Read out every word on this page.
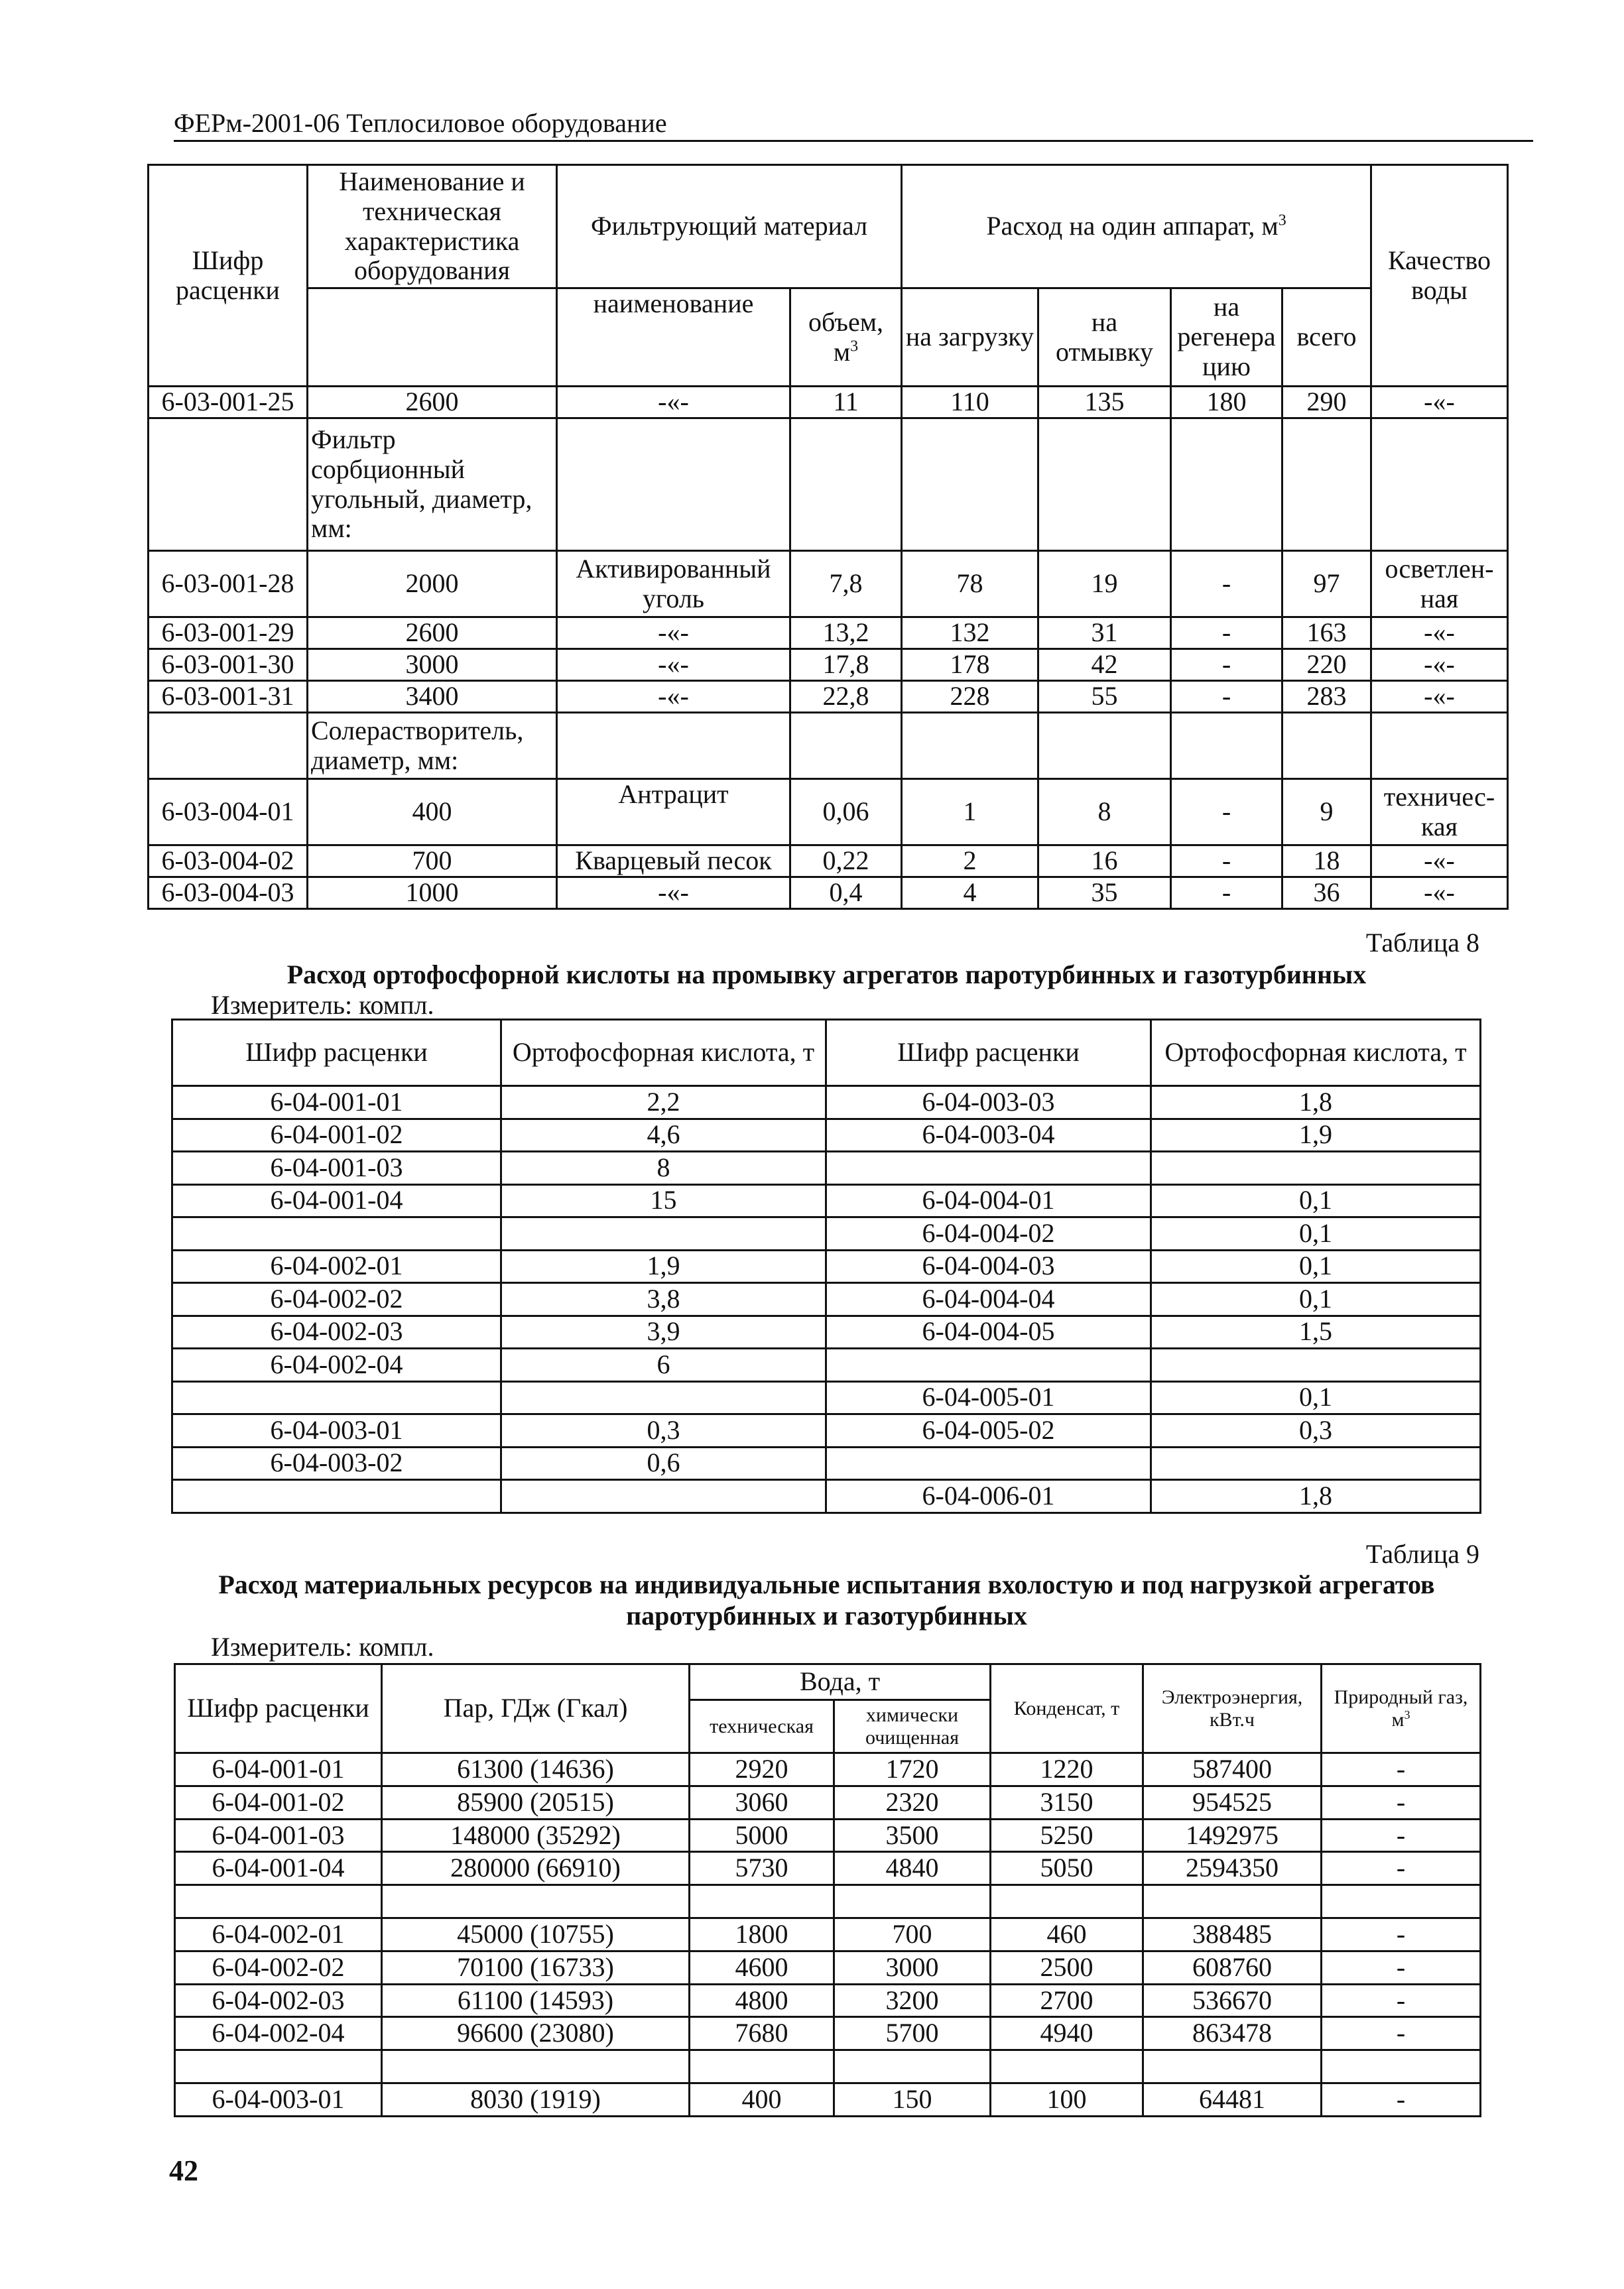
ФЕРм-2001-06 Теплосиловое оборудование
Шифр расценки	Наименование и техническая характеристика оборудования	Фильтрующий материал		Расход на один аппарат, $м^3$				Качество воды
		наименование	объем, $м^3$	на загрузку	на отмывку	на регенера цию	всего	
6-03-001-25	2600	-«-	11	110	135	180	290	-«-
	Фильтр сорбционный угольный, диаметр, мм:							
6-03-001-28	2000	Активированный уголь	7,8	78	19	-	97	осветлен-ная
6-03-001-29	2600	-«-	13,2	132	31	-	163	-«-
6-03-001-30	3000	-«-	17,8	178	42	-	220	-«-
6-03-001-31	3400	-«-	22,8	228	55	-	283	-«-
	Солерастворитель, диаметр, мм:							
6-03-004-01	400	Антрацит	0,06	1	8	-	9	техничес-кая
6-03-004-02	700	Кварцевый песок	0,22	2	16	-	18	-«-
6-03-004-03	1000	-«-	0,4	4	35	-	36	-«-
Таблица 8
Расход ортофосфорной кислоты на промывку агрегатов паротурбинных и газотурбинных
Измеритель: компл.
Шифр расценки	Ортофосфорная кислота, т	Шифр расценки	Ортофосфорная кислота, т
6-04-001-01	2,2	6-04-003-03	1,8
6-04-001-02	4,6	6-04-003-04	1,9
6-04-001-03	8		
6-04-001-04	15	6-04-004-01	0,1
		6-04-004-02	0,1
6-04-002-01	1,9	6-04-004-03	0,1
6-04-002-02	3,8	6-04-004-04	0,1
6-04-002-03	3,9	6-04-004-05	1,5
6-04-002-04	6		
		6-04-005-01	0,1
6-04-003-01	0,3	6-04-005-02	0,3
6-04-003-02	0,6		
		6-04-006-01	1,8
Таблица 9
Расход материальных ресурсов на индивидуальные испытания вхолостую и под нагрузкой агрегатов паротурбинных и газотурбинных
Измеритель: компл.
Шифр расценки	Пар, ГДж (Гкал)	Вода, т		Конденсат, т	Электроэнергия, кВт.ч	Природный газ, $м^3$
		техническая	химически очищенная			
6-04-001-01	61300 (14636)	2920	1720	1220	587400	-
6-04-001-02	85900 (20515)	3060	2320	3150	954525	-
6-04-001-03	148000 (35292)	5000	3500	5250	1492975	-
6-04-001-04	280000 (66910)	5730	4840	5050	2594350	-

6-04-002-01	45000 (10755)	1800	700	460	388485	-
6-04-002-02	70100 (16733)	4600	3000	2500	608760	-
6-04-002-03	61100 (14593)	4800	3200	2700	536670	-
6-04-002-04	96600 (23080)	7680	5700	4940	863478	-

6-04-003-01	8030 (1919)	400	150	100	64481	-
42
